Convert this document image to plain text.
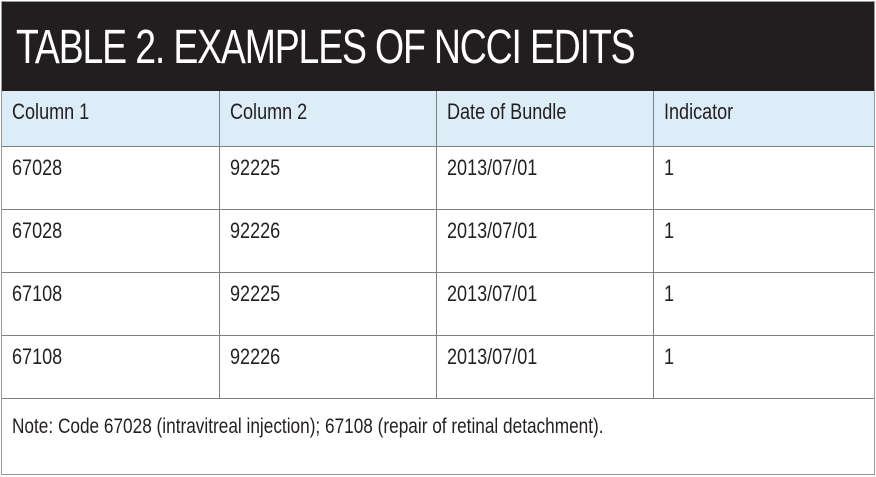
TABLE 2. EXAMPLES OF NCCI EDITS
Column 1	Column 2	Date of Bundle	Indicator
67028	92225	2013/07/01	1
67028	92226	2013/07/01	1
67108	92225	2013/07/01	1
67108	92226	2013/07/01	1
Note: Code 67028 (intravitreal injection); 67108 (repair of retinal detachment).			
